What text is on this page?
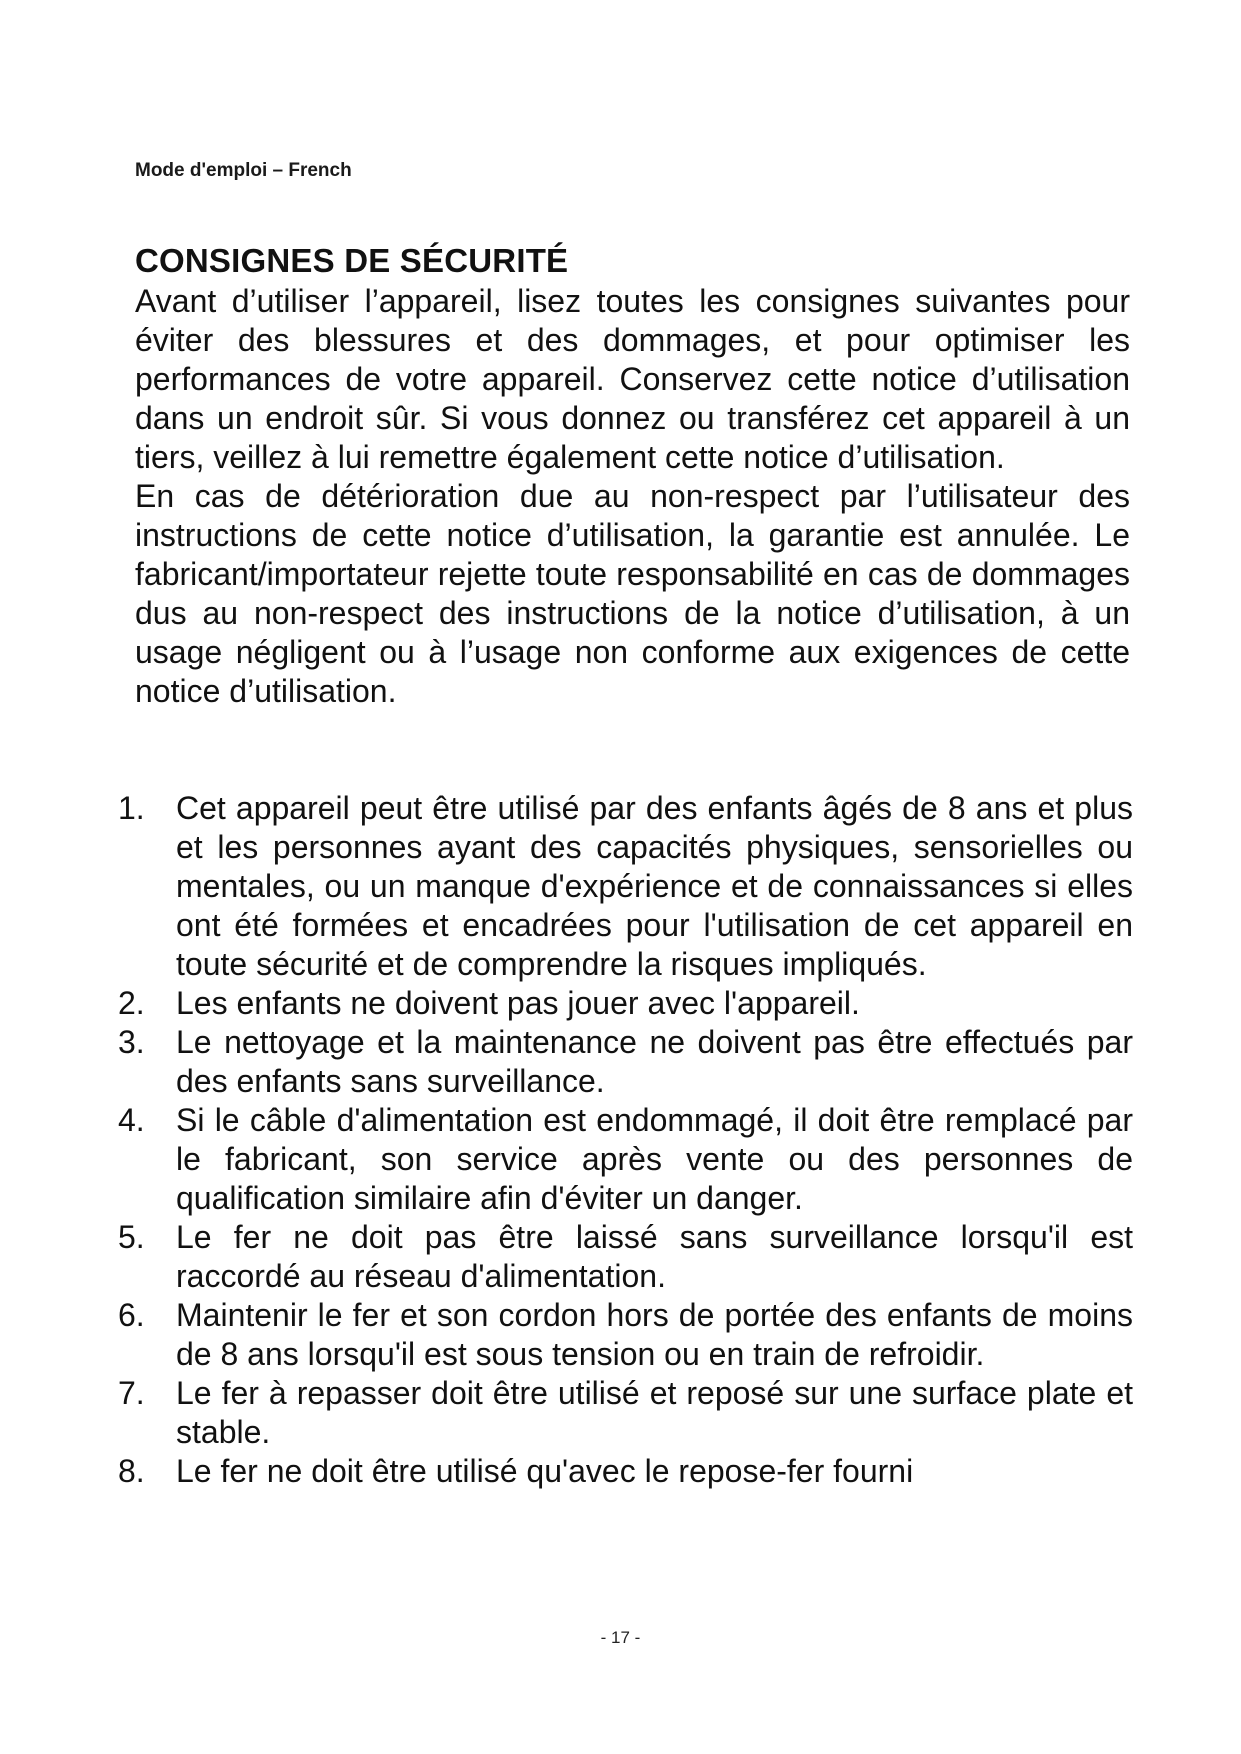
Mode d'emploi – French
CONSIGNES DE SÉCURITÉ

Avant d’utiliser l’appareil, lisez toutes les consignes suivantes pour éviter des blessures et des dommages, et pour optimiser les performances de votre appareil. Conservez cette notice d’utilisation dans un endroit sûr. Si vous donnez ou transférez cet appareil à un tiers, veillez à lui remettre également cette notice d’utilisation.

En cas de détérioration due au non-respect par l’utilisateur des instructions de cette notice d’utilisation, la garantie est annulée. Le fabricant/importateur rejette toute responsabilité en cas de dommages dus au non-respect des instructions de la notice d’utilisation, à un usage négligent ou à l’usage non conforme aux exigences de cette notice d’utilisation.

1. Cet appareil peut être utilisé par des enfants âgés de 8 ans et plus et les personnes ayant des capacités physiques, sensorielles ou mentales, ou un manque d'expérience et de connaissances si elles ont été formées et encadrées pour l'utilisation de cet appareil en toute sécurité et de comprendre la risques impliqués.
2. Les enfants ne doivent pas jouer avec l'appareil.
3. Le nettoyage et la maintenance ne doivent pas être effectués par des enfants sans surveillance.
4. Si le câble d'alimentation est endommagé, il doit être remplacé par le fabricant, son service après vente ou des personnes de qualification similaire afin d'éviter un danger.
5. Le fer ne doit pas être laissé sans surveillance lorsqu'il est raccordé au réseau d'alimentation.
6. Maintenir le fer et son cordon hors de portée des enfants de moins de 8 ans lorsqu'il est sous tension ou en train de refroidir.
7. Le fer à repasser doit être utilisé et reposé sur une surface plate et stable.
8. Le fer ne doit être utilisé qu'avec le repose-fer fourni
- 17 -
